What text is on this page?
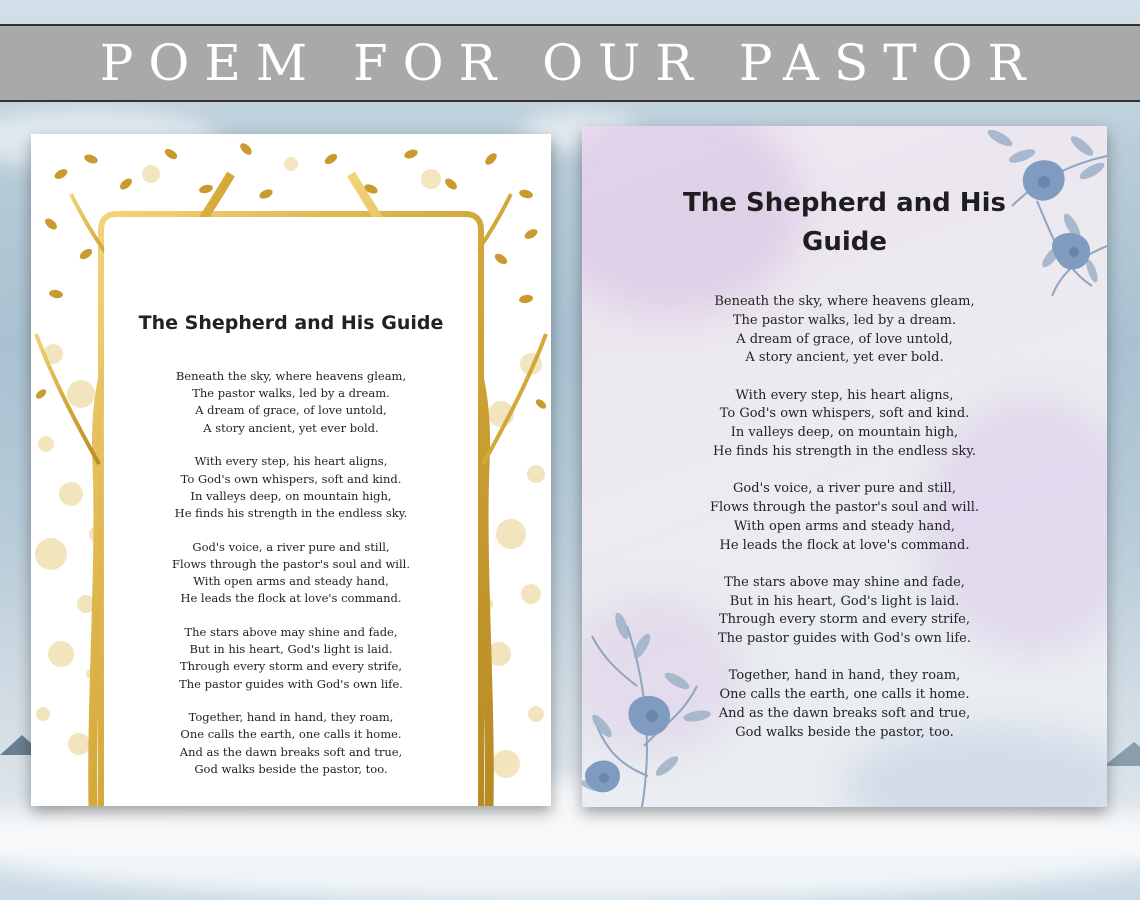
POEM FOR OUR PASTOR
The Shepherd and His Guide
Beneath the sky, where heavens gleam,
The pastor walks, led by a dream.
A dream of grace, of love untold,
A story ancient, yet ever bold.
With every step, his heart aligns,
To God's own whispers, soft and kind.
In valleys deep, on mountain high,
He finds his strength in the endless sky.
God's voice, a river pure and still,
Flows through the pastor's soul and will.
With open arms and steady hand,
He leads the flock at love's command.
The stars above may shine and fade,
But in his heart, God's light is laid.
Through every storm and every strife,
The pastor guides with God's own life.
Together, hand in hand, they roam,
One calls the earth, one calls it home.
And as the dawn breaks soft and true,
God walks beside the pastor, too.
The Shepherd and His
Guide
Beneath the sky, where heavens gleam,
The pastor walks, led by a dream.
A dream of grace, of love untold,
A story ancient, yet ever bold.
With every step, his heart aligns,
To God's own whispers, soft and kind.
In valleys deep, on mountain high,
He finds his strength in the endless sky.
God's voice, a river pure and still,
Flows through the pastor's soul and will.
With open arms and steady hand,
He leads the flock at love's command.
The stars above may shine and fade,
But in his heart, God's light is laid.
Through every storm and every strife,
The pastor guides with God's own life.
Together, hand in hand, they roam,
One calls the earth, one calls it home.
And as the dawn breaks soft and true,
God walks beside the pastor, too.
